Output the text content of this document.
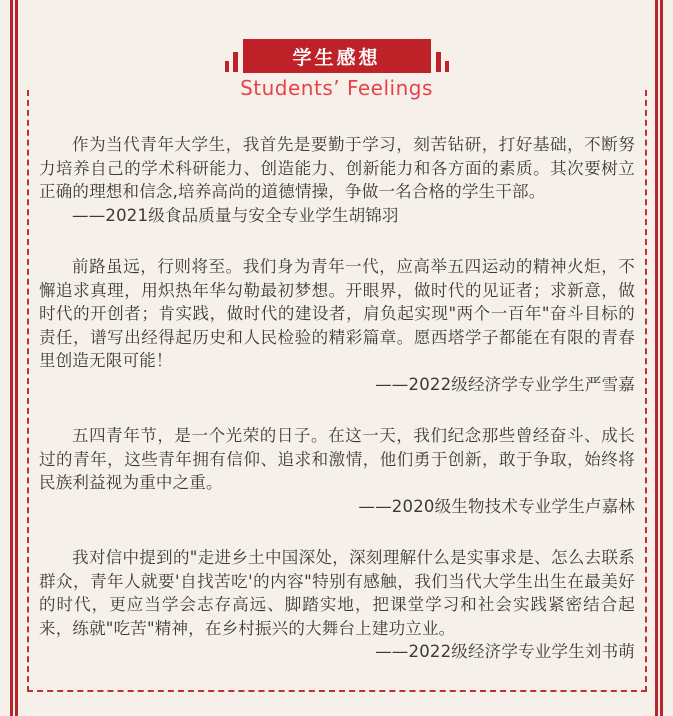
学生感想
Students’ Feelings

作为当代青年大学生，我首先是要勤于学习，刻苦钻研，打好基础，不断努力培养自己的学术科研能力、创造能力、创新能力和各方面的素质。其次要树立正确的理想和信念,培养高尚的道德情操，争做一名合格的学生干部。

——2021级食品质量与安全专业学生胡锦羽

前路虽远，行则将至。我们身为青年一代，应高举五四运动的精神火炬，不懈追求真理，用炽热年华勾勒最初梦想。开眼界，做时代的见证者；求新意，做时代的开创者；肯实践，做时代的建设者，肩负起实现"两个一百年"奋斗目标的责任，谱写出经得起历史和人民检验的精彩篇章。愿西塔学子都能在有限的青春里创造无限可能！

——2022级经济学专业学生严雪嘉

五四青年节，是一个光荣的日子。在这一天，我们纪念那些曾经奋斗、成长过的青年，这些青年拥有信仰、追求和激情，他们勇于创新，敢于争取，始终将民族利益视为重中之重。

——2020级生物技术专业学生卢嘉林

我对信中提到的"走进乡土中国深处，深刻理解什么是实事求是、怎么去联系群众，青年人就要'自找苦吃'的内容"特别有感触，我们当代大学生出生在最美好的时代，更应当学会志存高远、脚踏实地，把课堂学习和社会实践紧密结合起来，练就"吃苦"精神，在乡村振兴的大舞台上建功立业。

——2022级经济学专业学生刘书萌
